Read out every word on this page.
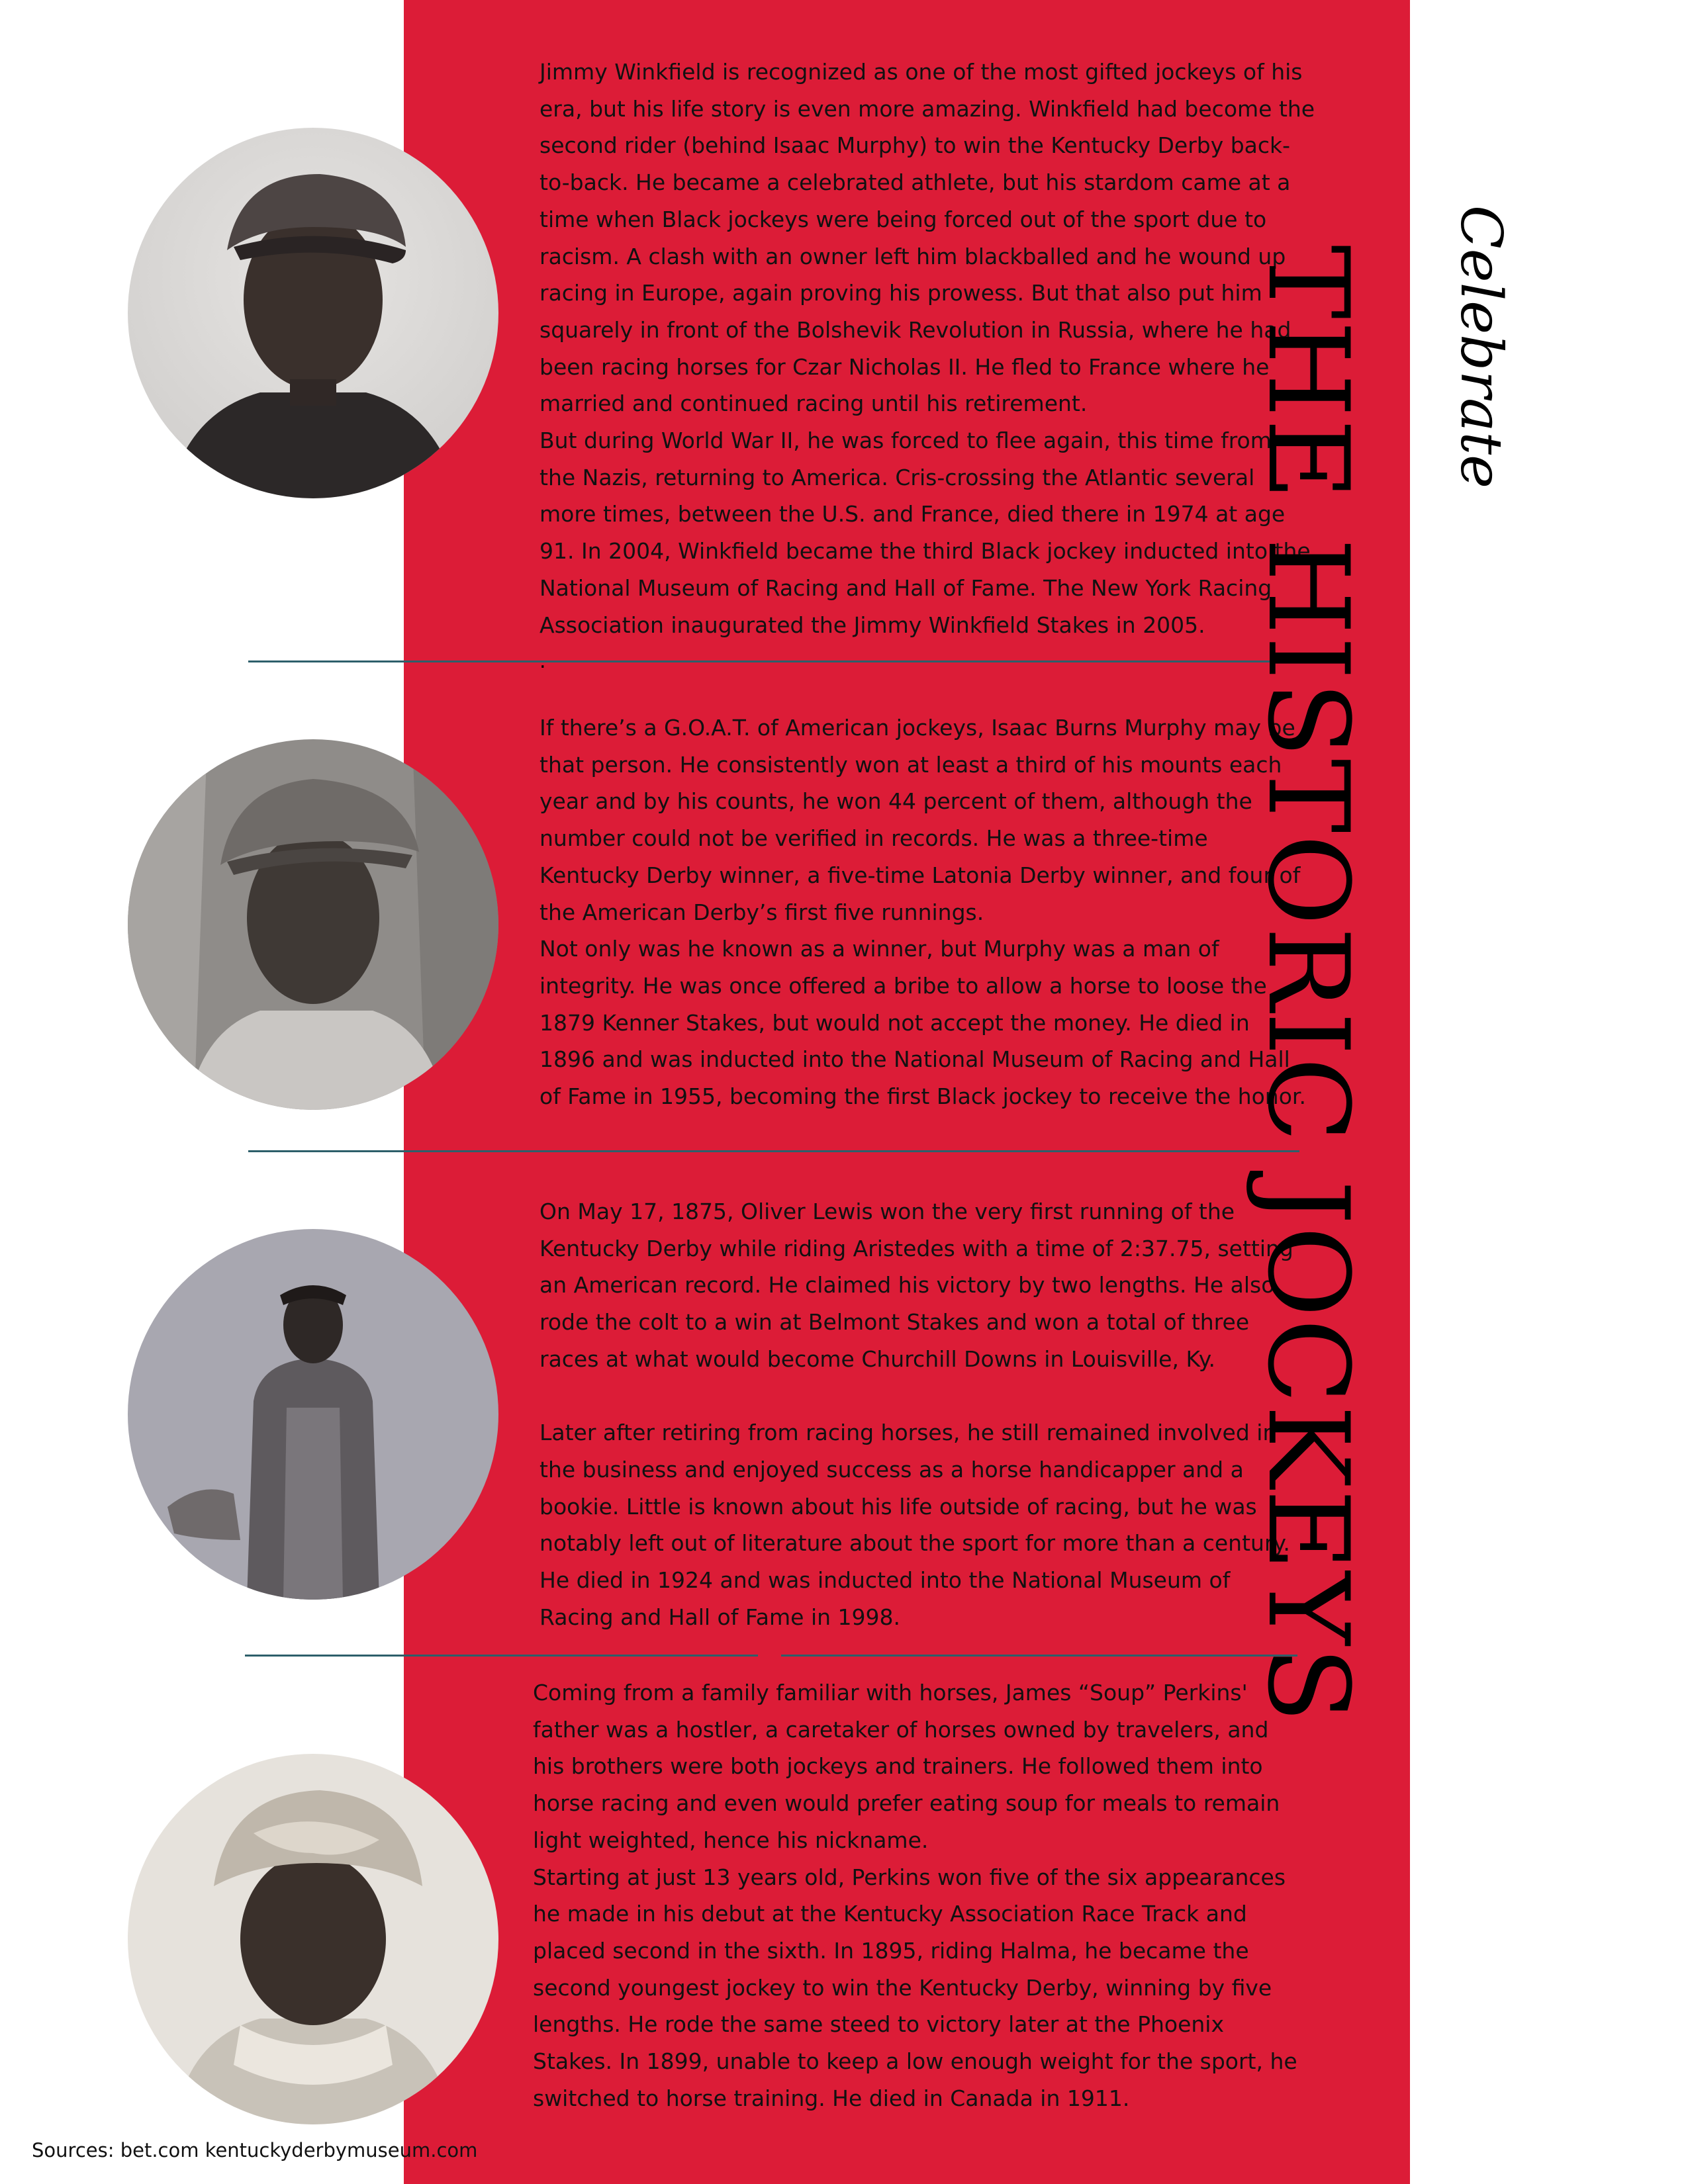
Jimmy Winkfield is recognized as one of the most gifted jockeys of his
era, but his life story is even more amazing. Winkfield had become the
second rider (behind Isaac Murphy) to win the Kentucky Derby back-
to-back. He became a celebrated athlete, but his stardom came at a
time when Black jockeys were being forced out of the sport due to
racism. A clash with an owner left him blackballed and he wound up
racing in Europe, again proving his prowess. But that also put him
squarely in front of the Bolshevik Revolution in Russia, where he had
been racing horses for Czar Nicholas II. He fled to France where he
married and continued racing until his retirement.
But during World War II, he was forced to flee again, this time from
the Nazis, returning to America. Cris-crossing the Atlantic several
more times, between the U.S. and France, died there in 1974 at age
91. In 2004, Winkfield became the third Black jockey inducted into the
National Museum of Racing and Hall of Fame. The New York Racing
Association inaugurated the Jimmy Winkfield Stakes in 2005.

If there’s a G.O.A.T. of American jockeys, Isaac Burns Murphy may be
that person. He consistently won at least a third of his mounts each
year and by his counts, he won 44 percent of them, although the
number could not be verified in records. He was a three-time
Kentucky Derby winner, a five-time Latonia Derby winner, and four of
the American Derby’s first five runnings.
Not only was he known as a winner, but Murphy was a man of
integrity. He was once offered a bribe to allow a horse to loose the
1879 Kenner Stakes, but would not accept the money. He died in
1896 and was inducted into the National Museum of Racing and Hall
of Fame in 1955, becoming the first Black jockey to receive the honor.

On May 17, 1875, Oliver Lewis won the very first running of the
Kentucky Derby while riding Aristedes with a time of 2:37.75, setting
an American record. He claimed his victory by two lengths. He also
rode the colt to a win at Belmont Stakes and won a total of three
races at what would become Churchill Downs in Louisville, Ky.

Later after retiring from racing horses, he still remained involved in
the business and enjoyed success as a horse handicapper and a
bookie. Little is known about his life outside of racing, but he was
notably left out of literature about the sport for more than a century.
He died in 1924 and was inducted into the National Museum of
Racing and Hall of Fame in 1998.

Coming from a family familiar with horses, James “Soup” Perkins'
father was a hostler, a caretaker of horses owned by travelers, and
his brothers were both jockeys and trainers. He followed them into
horse racing and even would prefer eating soup for meals to remain
light weighted, hence his nickname.
Starting at just 13 years old, Perkins won five of the six appearances
he made in his debut at the Kentucky Association Race Track and
placed second in the sixth. In 1895, riding Halma, he became the
second youngest jockey to win the Kentucky Derby, winning by five
lengths. He rode the same steed to victory later at the Phoenix
Stakes. In 1899, unable to keep a low enough weight for the sport, he
switched to horse training. He died in Canada in 1911.

Celebrate
THE HISTORIC JOCKEYS
Sources: bet.com kentuckyderbymuseum.com
